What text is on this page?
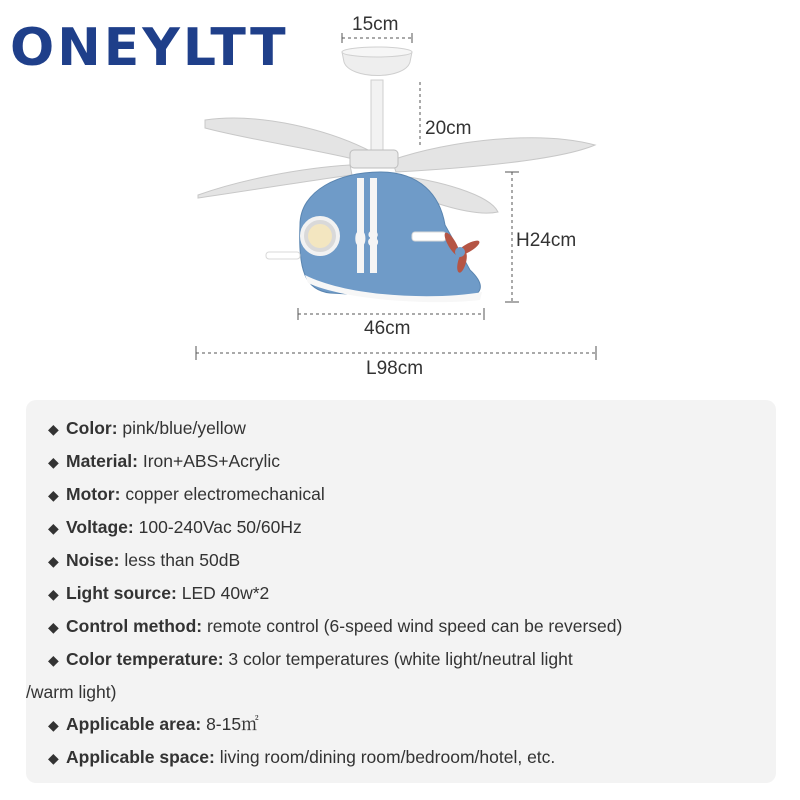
ONEYLTT
08
15cm
20cm
H24cm
46cm
L98cm
◆ Color: pink/blue/yellow
◆ Material: Iron+ABS+Acrylic
◆ Motor: copper electromechanical
◆ Voltage: 100-240Vac 50/60Hz
◆ Noise: less than 50dB
◆ Light source: LED 40w*2
◆ Control method: remote control (6-speed wind speed can be reversed)
◆ Color temperature: 3 color temperatures (white light/neutral light
/warm light)
◆ Applicable area: 8-15㎡
◆ Applicable space: living room/dining room/bedroom/hotel, etc.
